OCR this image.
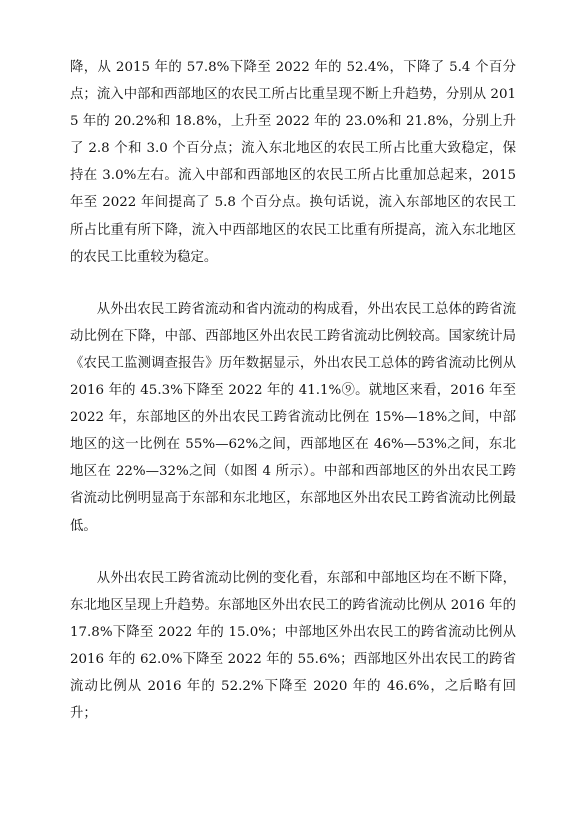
降，从 2015 年的 57.8%下降至 2022 年的 52.4%，下降了 5.4 个百分点；流入中部和西部地区的农民工所占比重呈现不断上升趋势，分别从 2015 年的 20.2%和 18.8%，上升至 2022 年的 23.0%和 21.8%，分别上升了 2.8 个和 3.0 个百分点；流入东北地区的农民工所占比重大致稳定，保持在 3.0%左右。流入中部和西部地区的农民工所占比重加总起来，2015 年至 2022 年间提高了 5.8 个百分点。换句话说，流入东部地区的农民工所占比重有所下降，流入中西部地区的农民工比重有所提高，流入东北地区的农民工比重较为稳定。

从外出农民工跨省流动和省内流动的构成看，外出农民工总体的跨省流动比例在下降，中部、西部地区外出农民工跨省流动比例较高。国家统计局《农民工监测调查报告》历年数据显示，外出农民工总体的跨省流动比例从 2016 年的 45.3%下降至 2022 年的 41.1%⑨。就地区来看，2016 年至 2022 年，东部地区的外出农民工跨省流动比例在 15%—18%之间，中部地区的这一比例在 55%—62%之间，西部地区在 46%—53%之间，东北地区在 22%—32%之间（如图 4 所示）。中部和西部地区的外出农民工跨省流动比例明显高于东部和东北地区，东部地区外出农民工跨省流动比例最低。

从外出农民工跨省流动比例的变化看，东部和中部地区均在不断下降，东北地区呈现上升趋势。东部地区外出农民工的跨省流动比例从 2016 年的 17.8%下降至 2022 年的 15.0%；中部地区外出农民工的跨省流动比例从 2016 年的 62.0%下降至 2022 年的 55.6%；西部地区外出农民工的跨省流动比例从 2016 年的 52.2%下降至 2020 年的 46.6%，之后略有回升；
